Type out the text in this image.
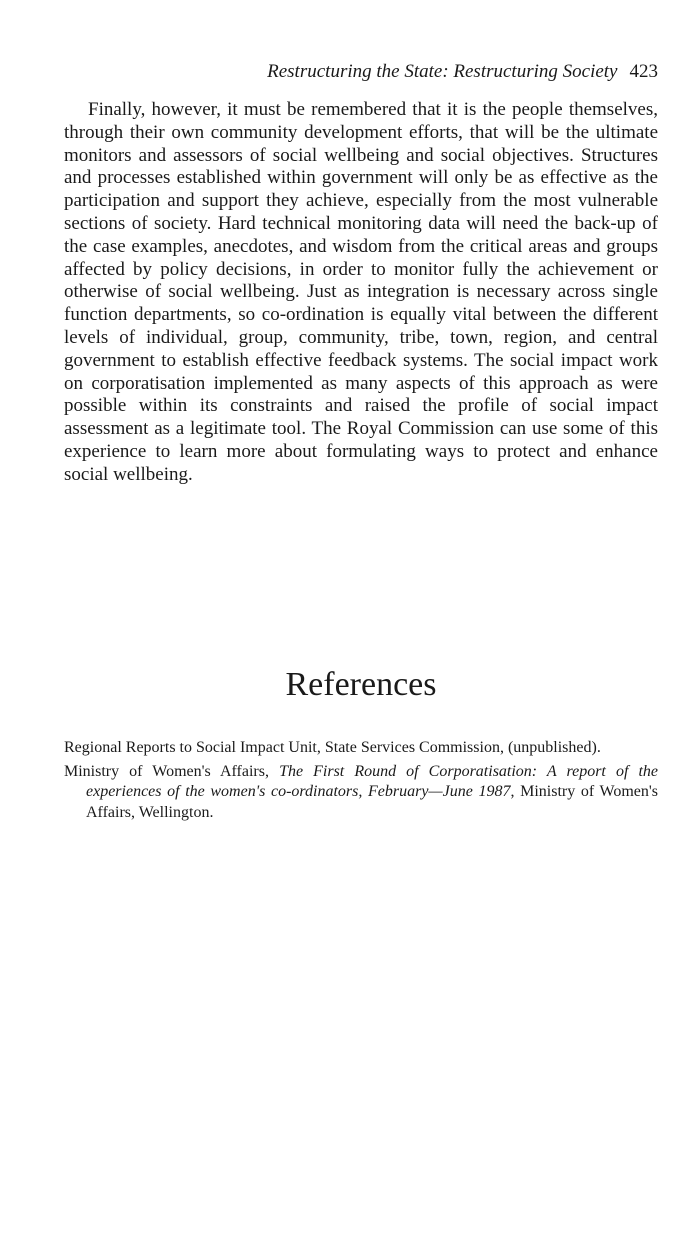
Restructuring the State: Restructuring Society 423

Finally, however, it must be remembered that it is the people themselves, through their own community development efforts, that will be the ultimate monitors and assessors of social wellbeing and social objectives. Structures and processes established within government will only be as effective as the participation and support they achieve, especially from the most vulnerable sections of society. Hard technical monitoring data will need the back-up of the case examples, anecdotes, and wisdom from the critical areas and groups affected by policy decisions, in order to monitor fully the achievement or otherwise of social wellbeing. Just as integration is necessary across single function departments, so co-ordination is equally vital between the different levels of individual, group, community, tribe, town, region, and central government to establish effective feedback systems. The social impact work on corporatisation implemented as many aspects of this approach as were possible within its constraints and raised the profile of social impact assessment as a legitimate tool. The Royal Commission can use some of this experience to learn more about formulating ways to protect and enhance social wellbeing.

References
Regional Reports to Social Impact Unit, State Services Commission, (unpublished).
Ministry of Women's Affairs, The First Round of Corporatisation: A report of the experiences of the women's co-ordinators, February—June 1987, Ministry of Women's Affairs, Wellington.
